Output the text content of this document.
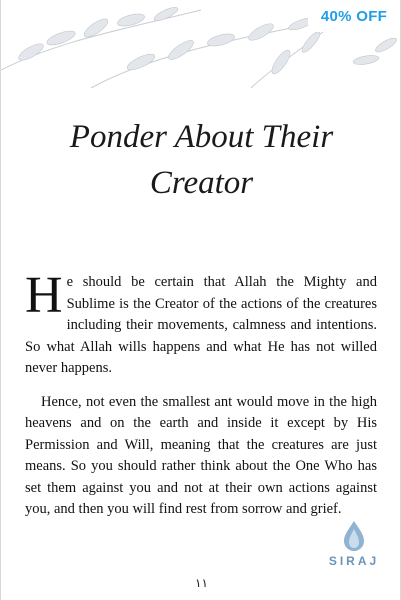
40% OFF
Ponder About Their
Creator

He should be certain that Allah the Mighty and Sublime is the Creator of the actions of the creatures including their movements, calmness and intentions. So what Allah wills happens and what He has not willed never happens.

Hence, not even the smallest ant would move in the high heavens and on the earth and inside it except by His Permission and Will, meaning that the creatures are just means. So you should rather think about the One Who has set them against you and not at their own actions against you, and then you will find rest from sorrow and grief.

SIRAJ
١١
